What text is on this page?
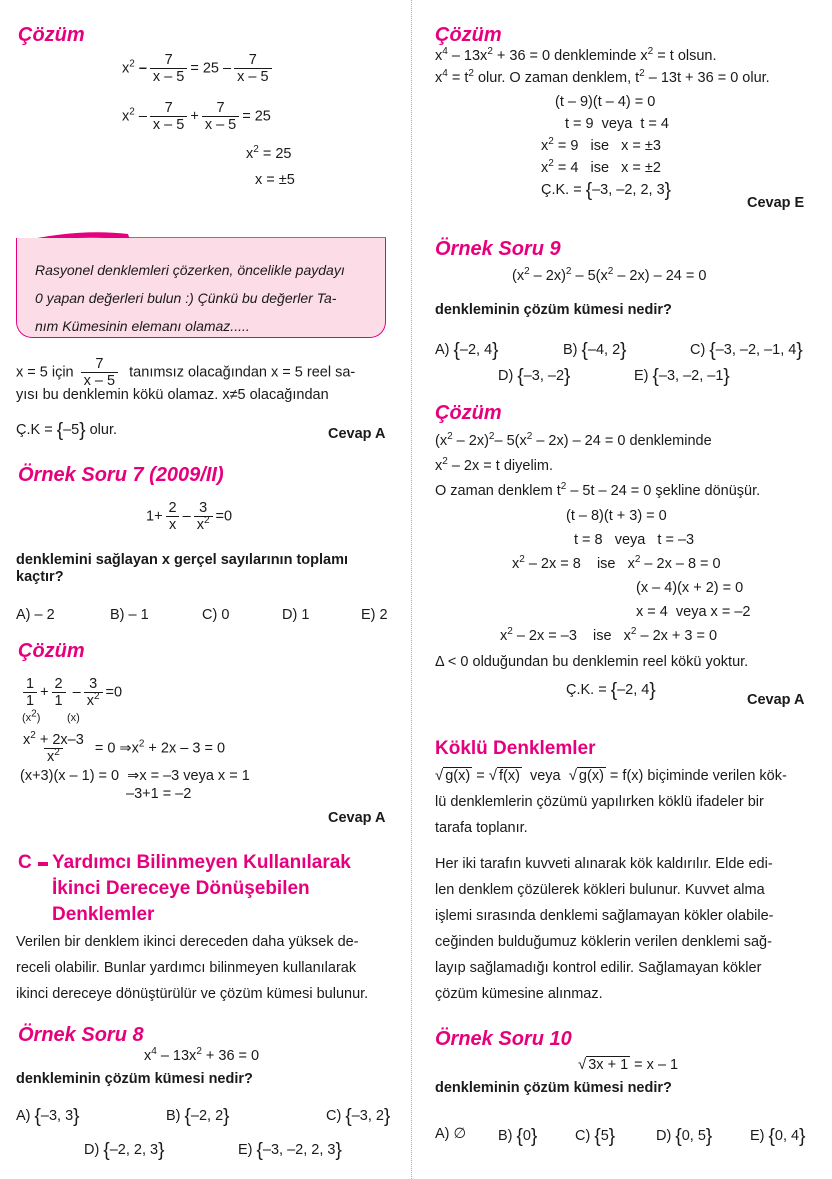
Çözüm
$x^2 - \frac{7}{x - 5} = 25 - \frac{7}{x - 5}$
$x^2 - \frac{7}{x - 5} + \frac{7}{x - 5} = 25$
$x^2 = 25$
x = ±5

Rasyonel denklemleri çözerken, öncelikle paydayı

0 yapan değerleri bulun :) Çünkü bu değerler Ta-

nım Kümesinin elemanı olamaz.....

x = 5 için $\frac{7}{x - 5}$ tanımsız olacağından x = 5 reel sa-
yısı bu denklemin kökü olamaz. x≠5 olacağından
Ç.K = {–5} olur.	Cevap A
Örnek Soru 7 (2009/II)
$1+ \frac{2}{x} - \frac{3}{x^2} =0$
denklemini sağlayan x gerçel sayılarının toplamı
kaçtır?
A) – 2	B) – 1	C) 0	D) 1	E) 2
Çözüm
$\frac{1}{1} + \frac{2}{1} - \frac{3}{x^2} =0$
$(x^2)$ (x)
$\frac{x^2 + 2x-3}{x^2} = 0$ $\Rightarrow x^2 + 2x - 3 = 0$
(x+3)(x – 1) = 0  ⇒x = –3 veya x = 1
–3+1 = –2
Cevap A
C Yardımcı Bilinmeyen Kullanılarak
İkinci Dereceye Dönüşebilen
Denklemler
Verilen bir denklem ikinci dereceden daha yüksek de-
receli olabilir. Bunlar yardımcı bilinmeyen kullanılarak
ikinci dereceye dönüştürülür ve çözüm kümesi bulunur.
Örnek Soru 8
$x^4 - 13x^2 + 36 = 0$
denkleminin çözüm kümesi nedir?
A) {–3, 3}	B) {–2, 2}	C) {–3, 2}
D) {–2, 2, 3}	E) {–3, –2, 2, 3}
Çözüm
$x^4 - 13x^2 + 36 = 0$ denkleminde $x^2 = t$ olsun.
$x^4 = t^2$ olur. O zaman denklem, $t^2 - 13t + 36 = 0$ olur.
(t – 9)(t – 4) = 0
t = 9  veya  t = 4
$x^2 = 9$   ise   x = ±3
$x^2 = 4$   ise   x = ±2
Ç.K. = {–3, –2, 2, 3}
Cevap E
Örnek Soru 9
$(x^2 - 2x)^2 - 5(x^2 - 2x) - 24 = 0$
denkleminin çözüm kümesi nedir?
A) {–2, 4}	B) {–4, 2}	C) {–3, –2, –1, 4}
D) {–3, –2}	E) {–3, –2, –1}
Çözüm
$(x^2 - 2x)^2-$ $5(x^2 - 2x) - 24 = 0$ denkleminde
$x^2 - 2x = t$ diyelim.
O zaman denklem $t^2 - 5t - 24 = 0$ şekline dönüşür.
(t – 8)(t + 3) = 0
t = 8   veya   t = –3
$x^2 - 2x = 8$    ise   $x^2 - 2x - 8 = 0$
(x – 4)(x + 2) = 0
x = 4  veya x = –2
$x^2 - 2x = -3$    ise   $x^2 - 2x + 3 = 0$
Δ < 0 olduğundan bu denklemin reel kökü yoktur.
Ç.K. = {–2, 4}	Cevap A
Köklü Denklemler
√ g(x) = √ f(x) veya √ g(x) = f(x) biçiminde verilen kök-
lü denklemlerin çözümü yapılırken köklü ifadeler bir
tarafa toplanır.
Her iki tarafın kuvveti alınarak kök kaldırılır. Elde edi-
len denklem çözülerek kökleri bulunur. Kuvvet alma
işlemi sırasında denklemi sağlamayan kökler olabile-
ceğinden bulduğumuz köklerin verilen denklemi sağ-
layıp sağlamadığı kontrol edilir. Sağlamayan kökler
çözüm kümesine alınmaz.
Örnek Soru 10
√ 3x + 1 = x – 1
denkleminin çözüm kümesi nedir?
A) ∅ B) {0}	C) {5}	D) {0, 5}	E) {0, 4}
